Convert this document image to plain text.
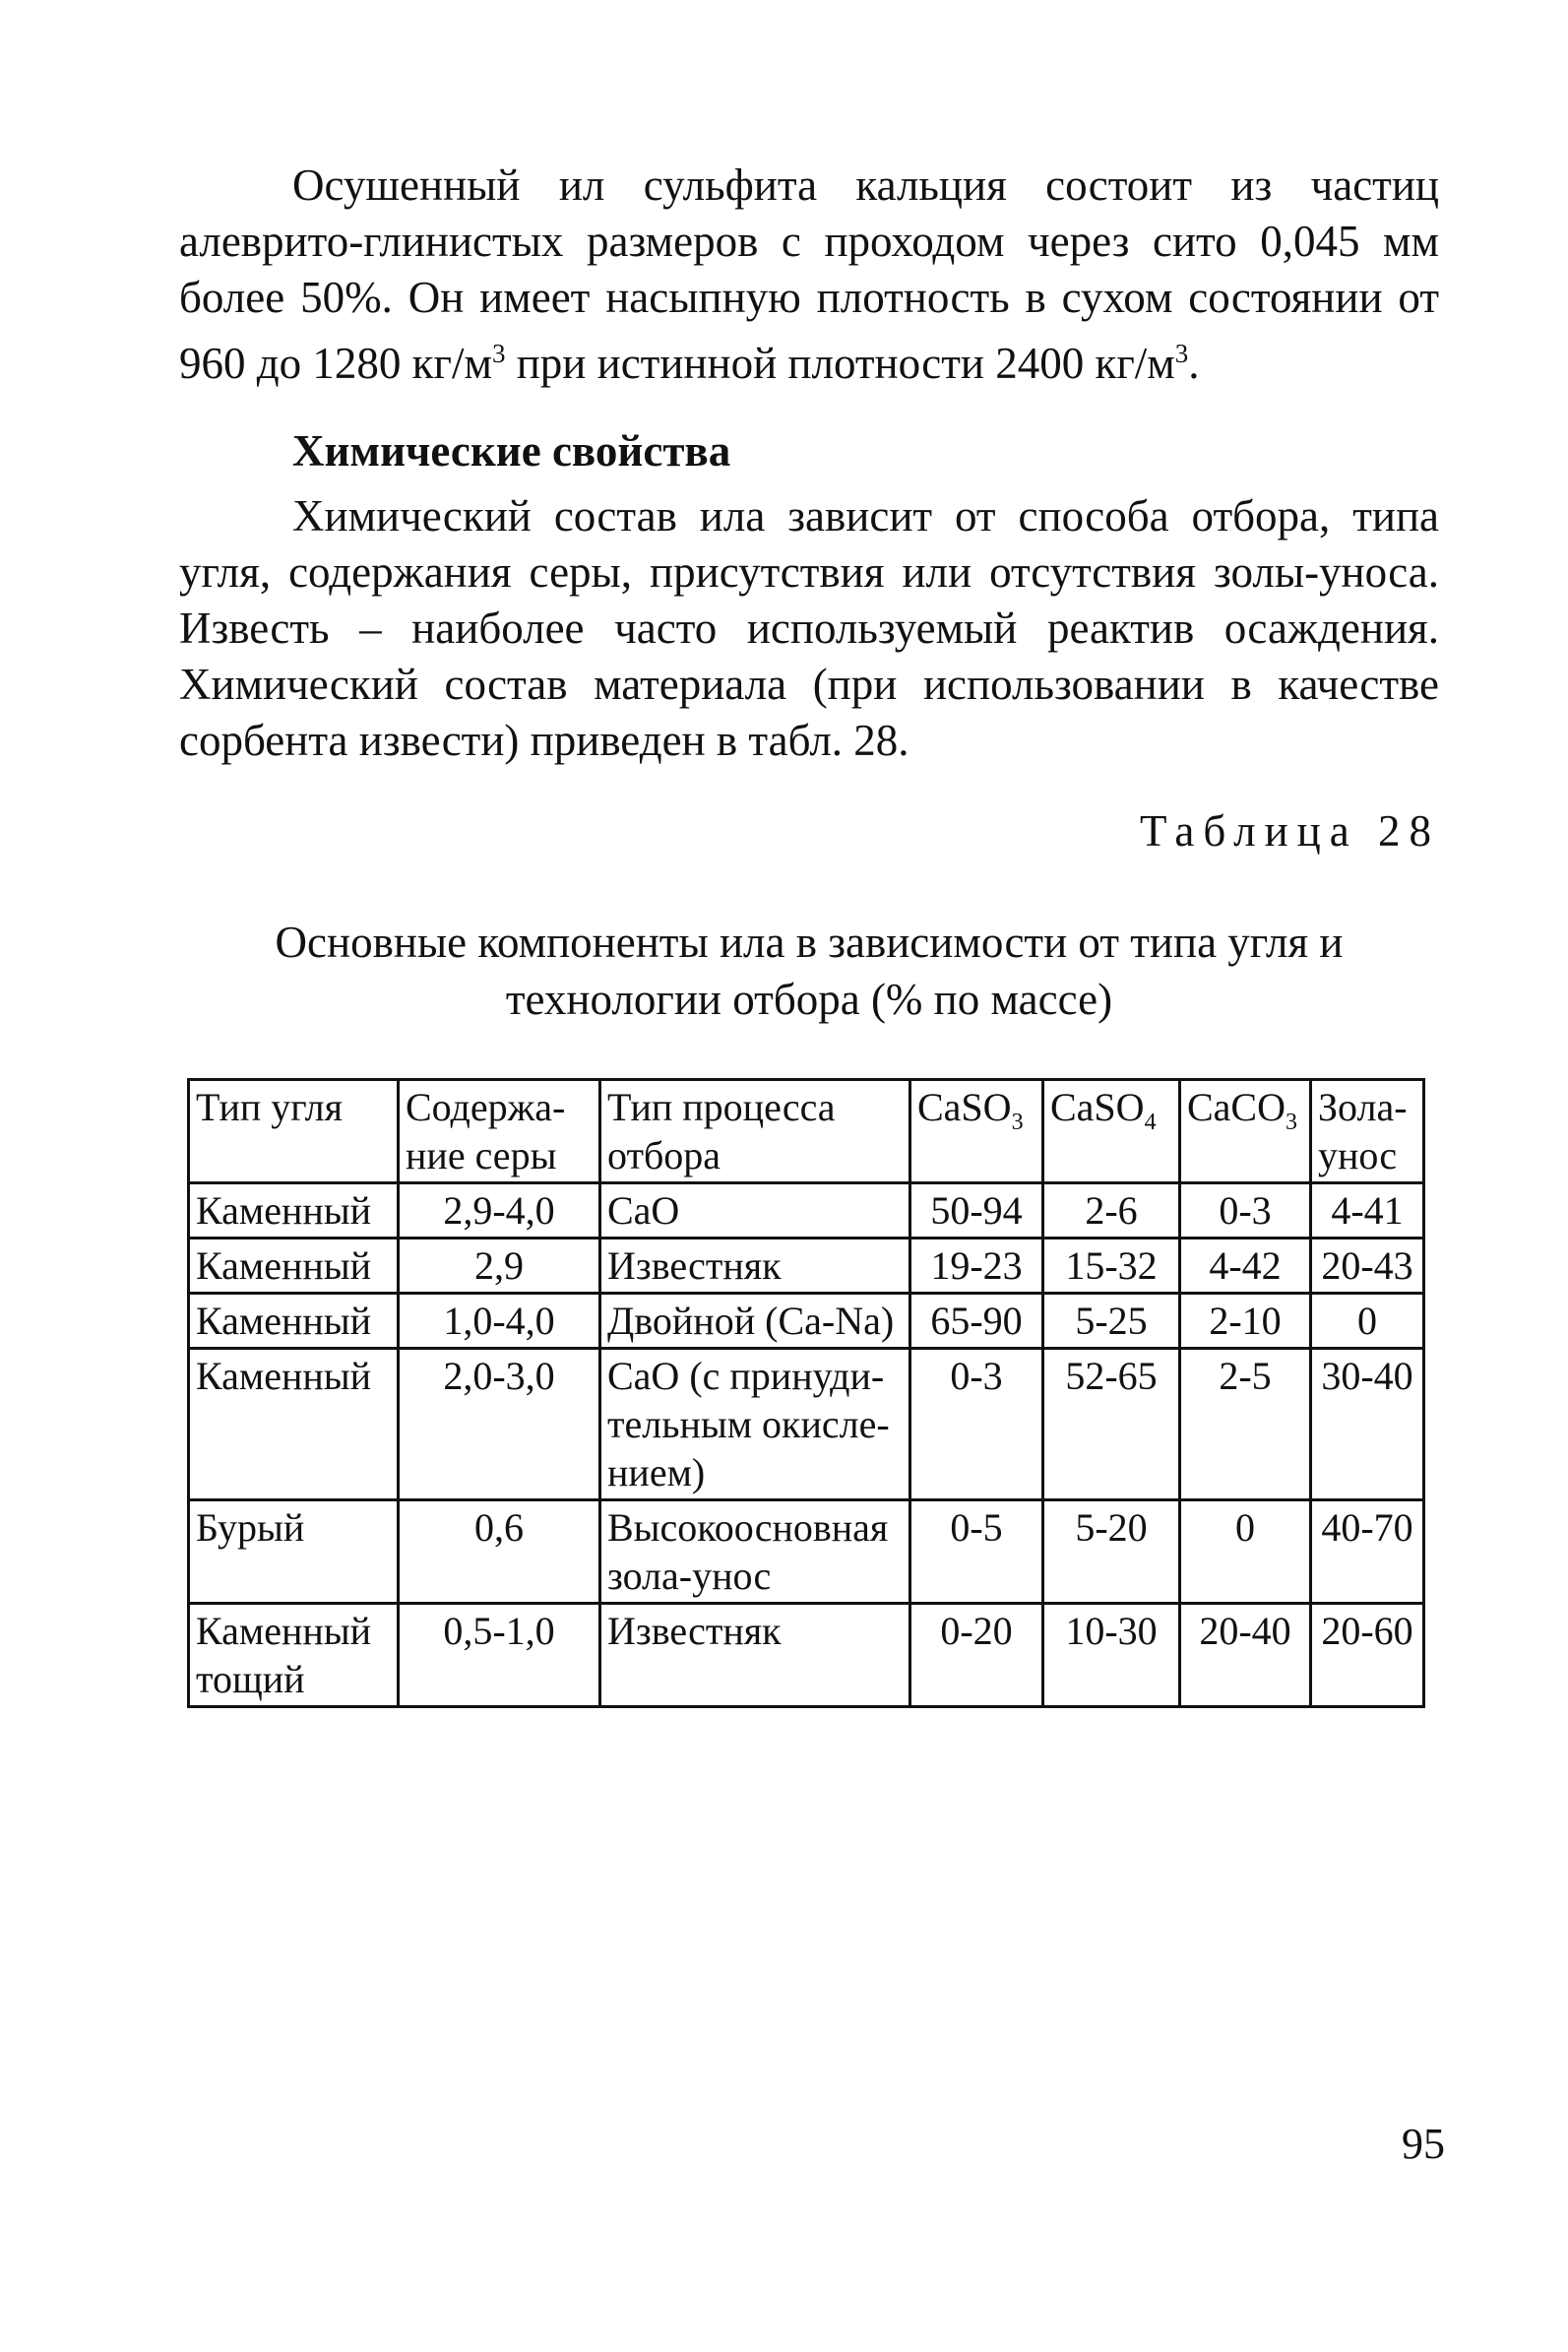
Осушенный ил сульфита кальция состоит из частиц алеврито-глинистых размеров с проходом через сито 0,045 мм более 50%. Он имеет насыпную плотность в сухом состоянии от 960 до 1280 $кг/м^3$ при истинной плотности 2400 $кг/м^3$.

Химические свойства

Химический состав ила зависит от способа отбора, типа угля, содержания серы, присутствия или отсутствия золы-уноса. Известь – наиболее часто используемый реактив осаждения. Химический состав материала (при использовании в качестве сорбента извести) приведен в табл. 28.

Таблица 28
Основные компоненты ила в зависимости от типа угля и
технологии отбора (% по массе)
Тип угля	Содержа-ние серы	Тип процесса отбора	CaSO$_3$	CaSO$_4$	CaCO$_3$	Зола-унос
Каменный	2,9-4,0	CaO	50-94	2-6	0-3	4-41
Каменный	2,9	Известняк	19-23	15-32	4-42	20-43
Каменный	1,0-4,0	Двойной (Ca-Na)	65-90	5-25	2-10	0
Каменный	2,0-3,0	CaO (с принуди-тельным окисле-нием)	0-3	52-65	2-5	30-40
Бурый	0,6	Высокоосновная зола-унос	0-5	5-20	0	40-70
Каменный тощий	0,5-1,0	Известняк	0-20	10-30	20-40	20-60
95
